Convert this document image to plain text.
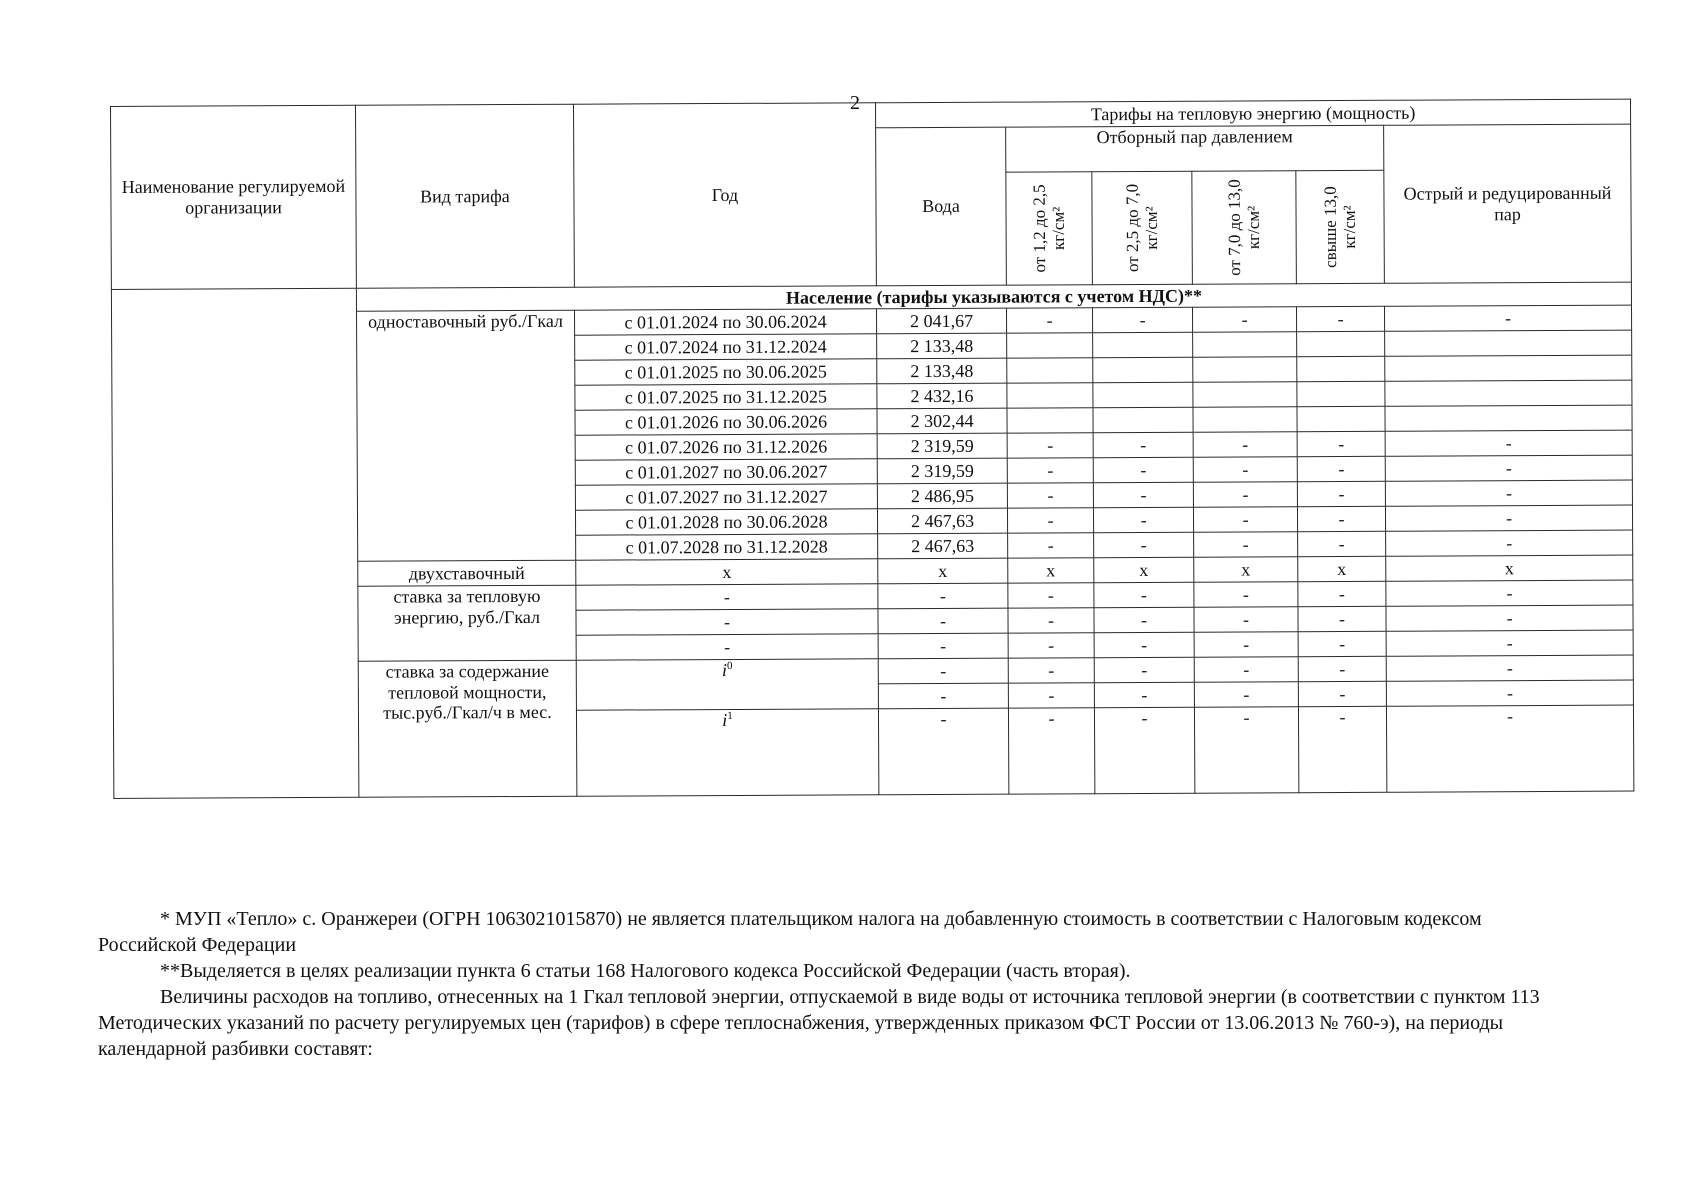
2
Наименование регулируемой организации	Вид тарифа	Год	Тарифы на тепловую энергию (мощность)					
			Вода	Отборный пар давлением				Острый и редуцированный пар

				от 1,2 до 2,5 кг/см²	от 2,5 до 7,0 кг/см²	от 7,0 до 13,0 кг/см²	свыше 13,0 кг/см²	

	Население (тарифы указываются с учетом НДС)**							
	одноставочный руб./Гкал	с 01.01.2024 по 30.06.2024	2 041,67	-	-	-	-	-
		с 01.07.2024 по 31.12.2024	2 133,48					
		с 01.01.2025 по 30.06.2025	2 133,48					
		с 01.07.2025 по 31.12.2025	2 432,16					
		с 01.01.2026 по 30.06.2026	2 302,44					
		с 01.07.2026 по 31.12.2026	2 319,59	-	-	-	-	-
		с 01.01.2027 по 30.06.2027	2 319,59	-	-	-	-	-
		с 01.07.2027 по 31.12.2027	2 486,95	-	-	-	-	-
		с 01.01.2028 по 30.06.2028	2 467,63	-	-	-	-	-
		с 01.07.2028 по 31.12.2028	2 467,63	-	-	-	-	-
	двухставочный	x	x	x	x	x	x	x
	ставка за тепловую энергию, руб./Гкал	-	-	-	-	-	-	-
		-	-	-	-	-	-	-
		-	-	-	-	-	-	-
	ставка за содержание тепловой мощности, тыс.руб./Гкал/ч в мес.	$i^0$	-	-	-	-	-	-
			-	-	-	-	-	-
		$i^1$	-	-	-	-	-	-

* МУП «Тепло» с. Оранжереи (ОГРН 1063021015870) не является плательщиком налога на добавленную стоимость в соответствии с Налоговым кодексом Российской Федерации

**Выделяется в целях реализации пункта 6 статьи 168 Налогового кодекса Российской Федерации (часть вторая).

Величины расходов на топливо, отнесенных на 1 Гкал тепловой энергии, отпускаемой в виде воды от источника тепловой энергии (в соответствии с пунктом 113 Методических указаний по расчету регулируемых цен (тарифов) в сфере теплоснабжения, утвержденных приказом ФСТ России от 13.06.2013 № 760-э), на периоды календарной разбивки составят:
